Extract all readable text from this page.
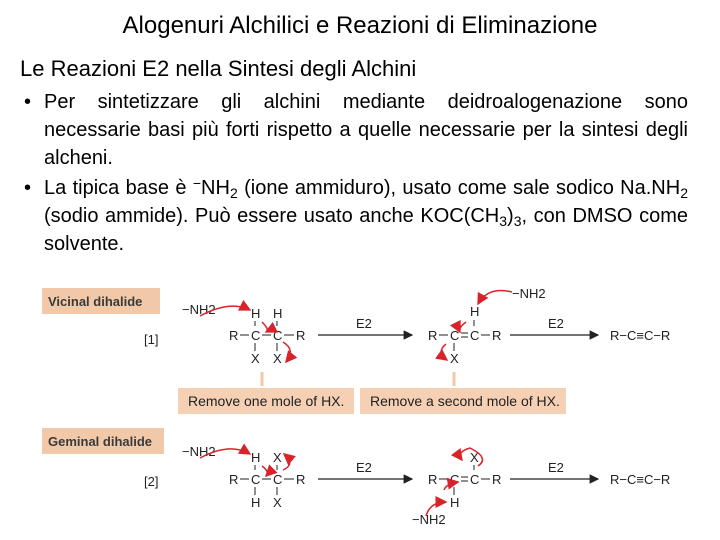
Alogenuri Alchilici e Reazioni di Eliminazione
Le Reazioni E2 nella Sintesi degli Alchini
• Per sintetizzare gli alchini mediante deidroalogenazione sono necessarie basi più forti rispetto a quelle necessarie per la sintesi degli alcheni.
• La tipica base è $^-NH_2$ (ione ammiduro), usato come sale sodico $Na.NH_2$ (sodio ammide). Può essere usato anche $KOC(CH_3)_3$, con DMSO come solvente.
Vicinal dihalide
[1]
−NH2	H H
R C C R
X X
E2
−NH2
H
R C C R
X
E2
R−C≡C−R
Remove one mole of HX. Remove a second mole of HX.
Geminal dihalide
[2]
−NH2	H X
R C C R
H X
E2
X
R C C R
H
−NH2
E2
R−C≡C−R
